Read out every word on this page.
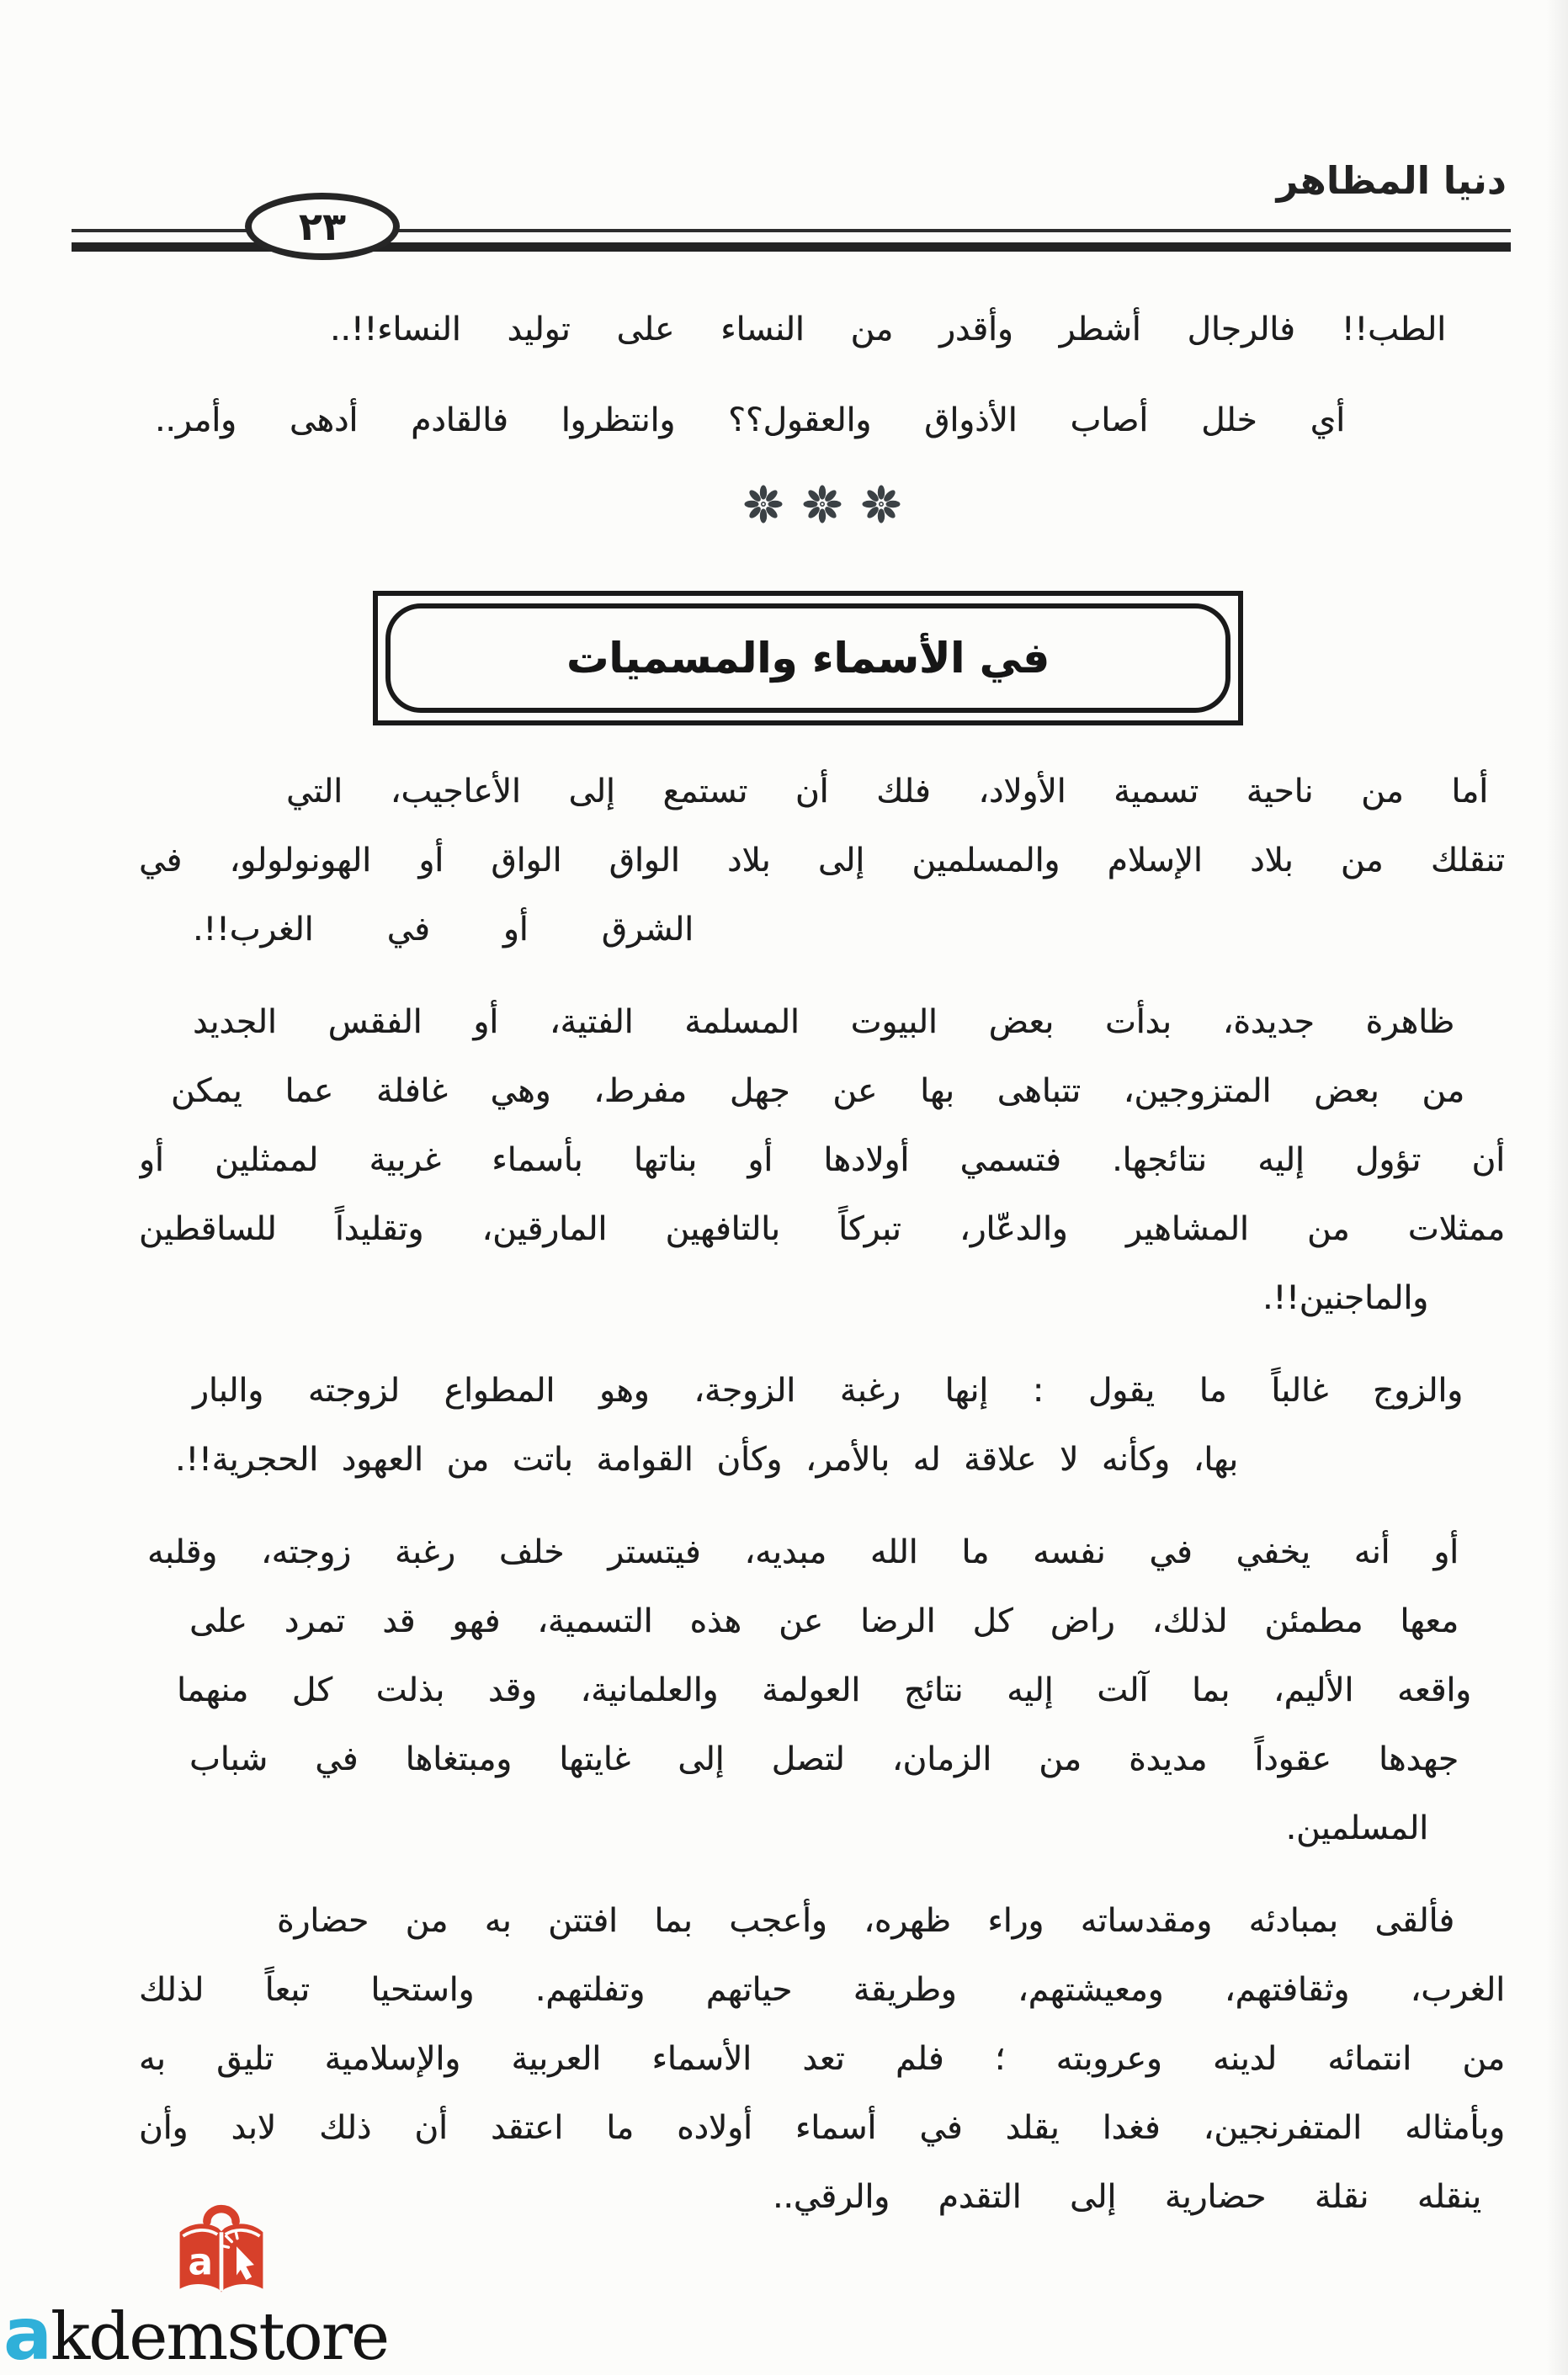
دنيا المظاهر
٢٣
الطب!! فالرجال أشطر وأقدر من النساء على توليد النساء!!..
أي خلل أصاب الأذواق والعقول؟؟ وانتظروا فالقادم أدهى وأمر..
في الأسماء والمسميات
أما من ناحية تسمية الأولاد، فلك أن تستمع إلى الأعاجيب، التي
تنقلك من بلاد الإسلام والمسلمين إلى بلاد الواق الواق أو الهونولولو، في
الشرق أو في الغرب!!.
ظاهرة جديدة، بدأت بعض البيوت المسلمة الفتية، أو الفقس الجديد
من بعض المتزوجين، تتباهى بها عن جهل مفرط، وهي غافلة عما يمكن
أن تؤول إليه نتائجها. فتسمي أولادها أو بناتها بأسماء غربية لممثلين أو
ممثلات من المشاهير والدعّار، تبركاً بالتافهين المارقين، وتقليداً للساقطين
والماجنين!!.
والزوج غالباً ما يقول : إنها رغبة الزوجة، وهو المطواع لزوجته والبار
بها، وكأنه لا علاقة له بالأمر، وكأن القوامة باتت من العهود الحجرية!!.
أو أنه يخفي في نفسه ما الله مبديه، فيتستر خلف رغبة زوجته، وقلبه
معها مطمئن لذلك، راض كل الرضا عن هذه التسمية، فهو قد تمرد على
واقعه الأليم، بما آلت إليه نتائج العولمة والعلمانية، وقد بذلت كل منهما
جهدها عقوداً مديدة من الزمان، لتصل إلى غايتها ومبتغاها في شباب
المسلمين.
فألقى بمبادئه ومقدساته وراء ظهره، وأعجب بما افتتن به من حضارة
الغرب، وثقافتهم، ومعيشتهم، وطريقة حياتهم وتفلتهم. واستحيا تبعاً لذلك
من انتمائه لدينه وعروبته ؛ فلم تعد الأسماء العربية والإسلامية تليق به
وبأمثاله المتفرنجين، فغدا يقلد في أسماء أولاده ما اعتقد أن ذلك لابد وأن
ينقله نقلة حضارية إلى التقدم والرقي..
a
akdemstore
